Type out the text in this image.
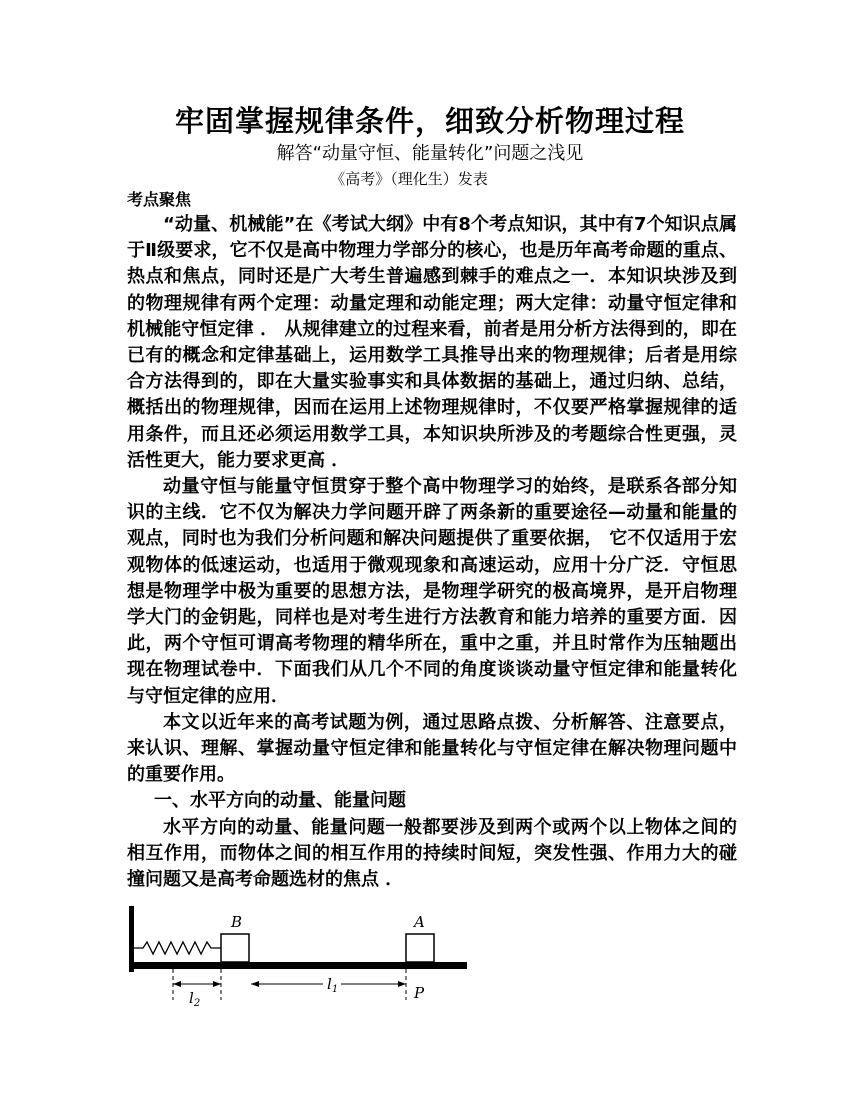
牢固掌握规律条件，细致分析物理过程
解答“动量守恒、能量转化”问题之浅见
《高考》（理化生）发表
考点聚焦

“动量、机械能”在《考试大纲》中有8个考点知识，其中有7个知识点属于Ⅱ级要求，它不仅是高中物理力学部分的核心，也是历年高考命题的重点、热点和焦点，同时还是广大考生普遍感到棘手的难点之一．本知识块涉及到的物理规律有两个定理：动量定理和动能定理；两大定律：动量守恒定律和机械能守恒定律 ． 从规律建立的过程来看，前者是用分析方法得到的，即在已有的概念和定律基础上，运用数学工具推导出来的物理规律；后者是用综合方法得到的，即在大量实验事实和具体数据的基础上，通过归纳、总结，概括出的物理规律，因而在运用上述物理规律时，不仅要严格掌握规律的适用条件，而且还必须运用数学工具，本知识块所涉及的考题综合性更强，灵活性更大，能力要求更高 ．

动量守恒与能量守恒贯穿于整个高中物理学习的始终，是联系各部分知识的主线．它不仅为解决力学问题开辟了两条新的重要途径—动量和能量的观点，同时也为我们分析问题和解决问题提供了重要依据， 它不仅适用于宏观物体的低速运动，也适用于微观现象和高速运动，应用十分广泛．守恒思想是物理学中极为重要的思想方法，是物理学研究的极高境界，是开启物理学大门的金钥匙，同样也是对考生进行方法教育和能力培养的重要方面．因此，两个守恒可谓高考物理的精华所在，重中之重，并且时常作为压轴题出现在物理试卷中．下面我们从几个不同的角度谈谈动量守恒定律和能量转化与守恒定律的应用．

本文以近年来的高考试题为例，通过思路点拨、分析解答、注意要点，来认识、理解、掌握动量守恒定律和能量转化与守恒定律在解决物理问题中的重要作用。

一、水平方向的动量、能量问题

水平方向的动量、能量问题一般都要涉及到两个或两个以上物体之间的相互作用，而物体之间的相互作用的持续时间短，突发性强、作用力大的碰撞问题又是高考命题选材的焦点 ．

B	A
$l_2$
$l_1$	P
